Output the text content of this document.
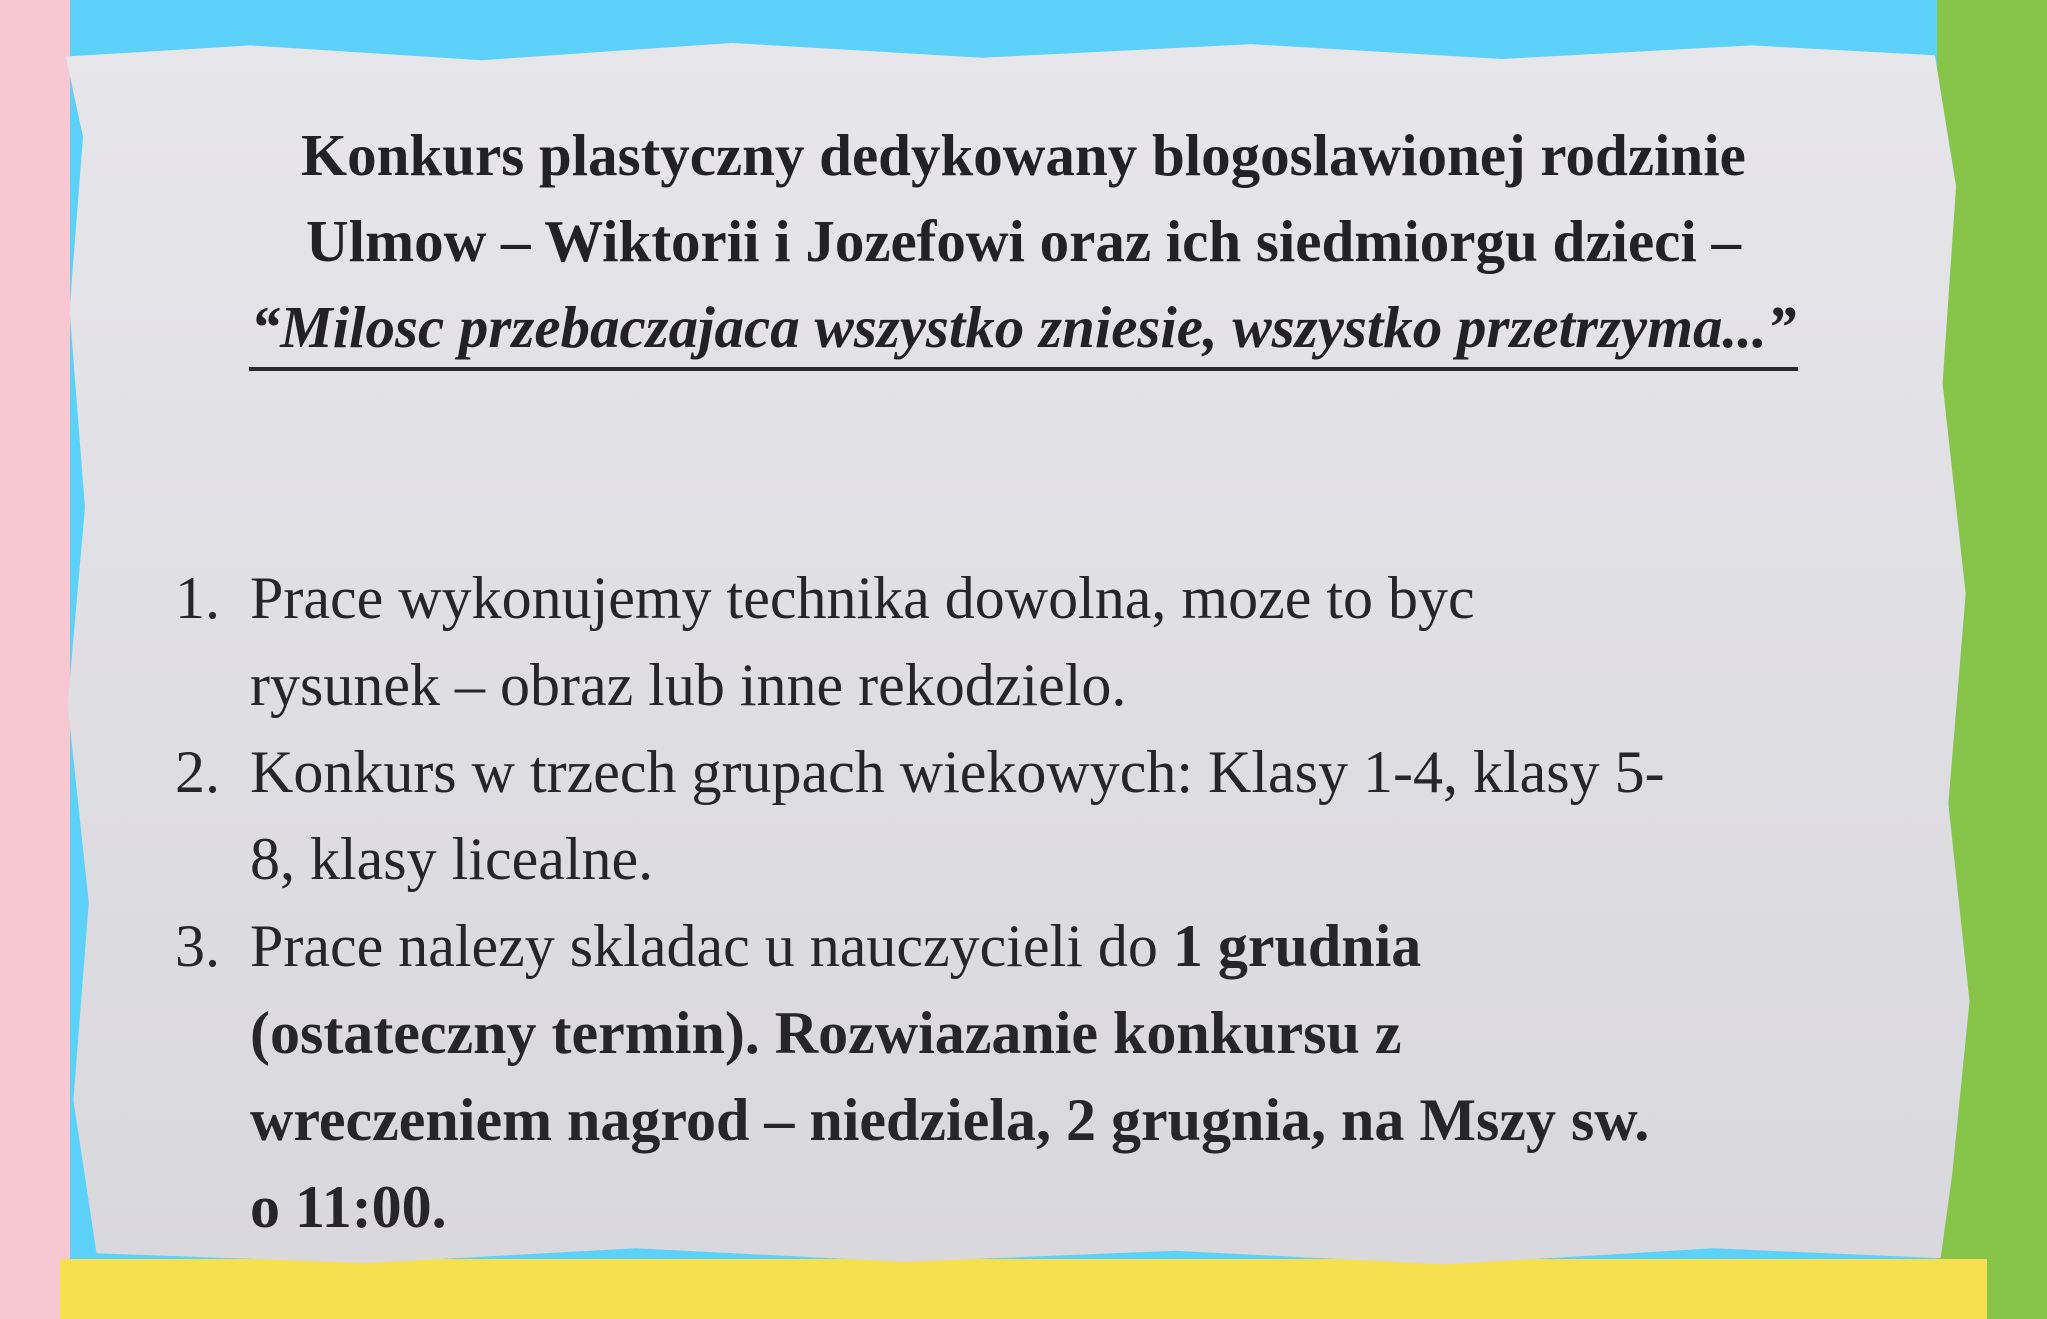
Konkurs plastyczny dedykowany blogoslawionej rodzinie
Ulmow – Wiktorii i Jozefowi oraz ich siedmiorgu dzieci –
“Milosc przebaczajaca wszystko zniesie, wszystko przetrzyma...”
1. Prace wykonujemy technika dowolna, moze to byc
rysunek – obraz lub inne rekodzielo.
2. Konkurs w trzech grupach wiekowych: Klasy 1-4, klasy 5-
8, klasy licealne.
3. Prace nalezy skladac u nauczycieli do 1 grudnia
(ostateczny termin). Rozwiazanie konkursu z
wreczeniem nagrod – niedziela, 2 grugnia, na Mszy sw.
o 11:00.
